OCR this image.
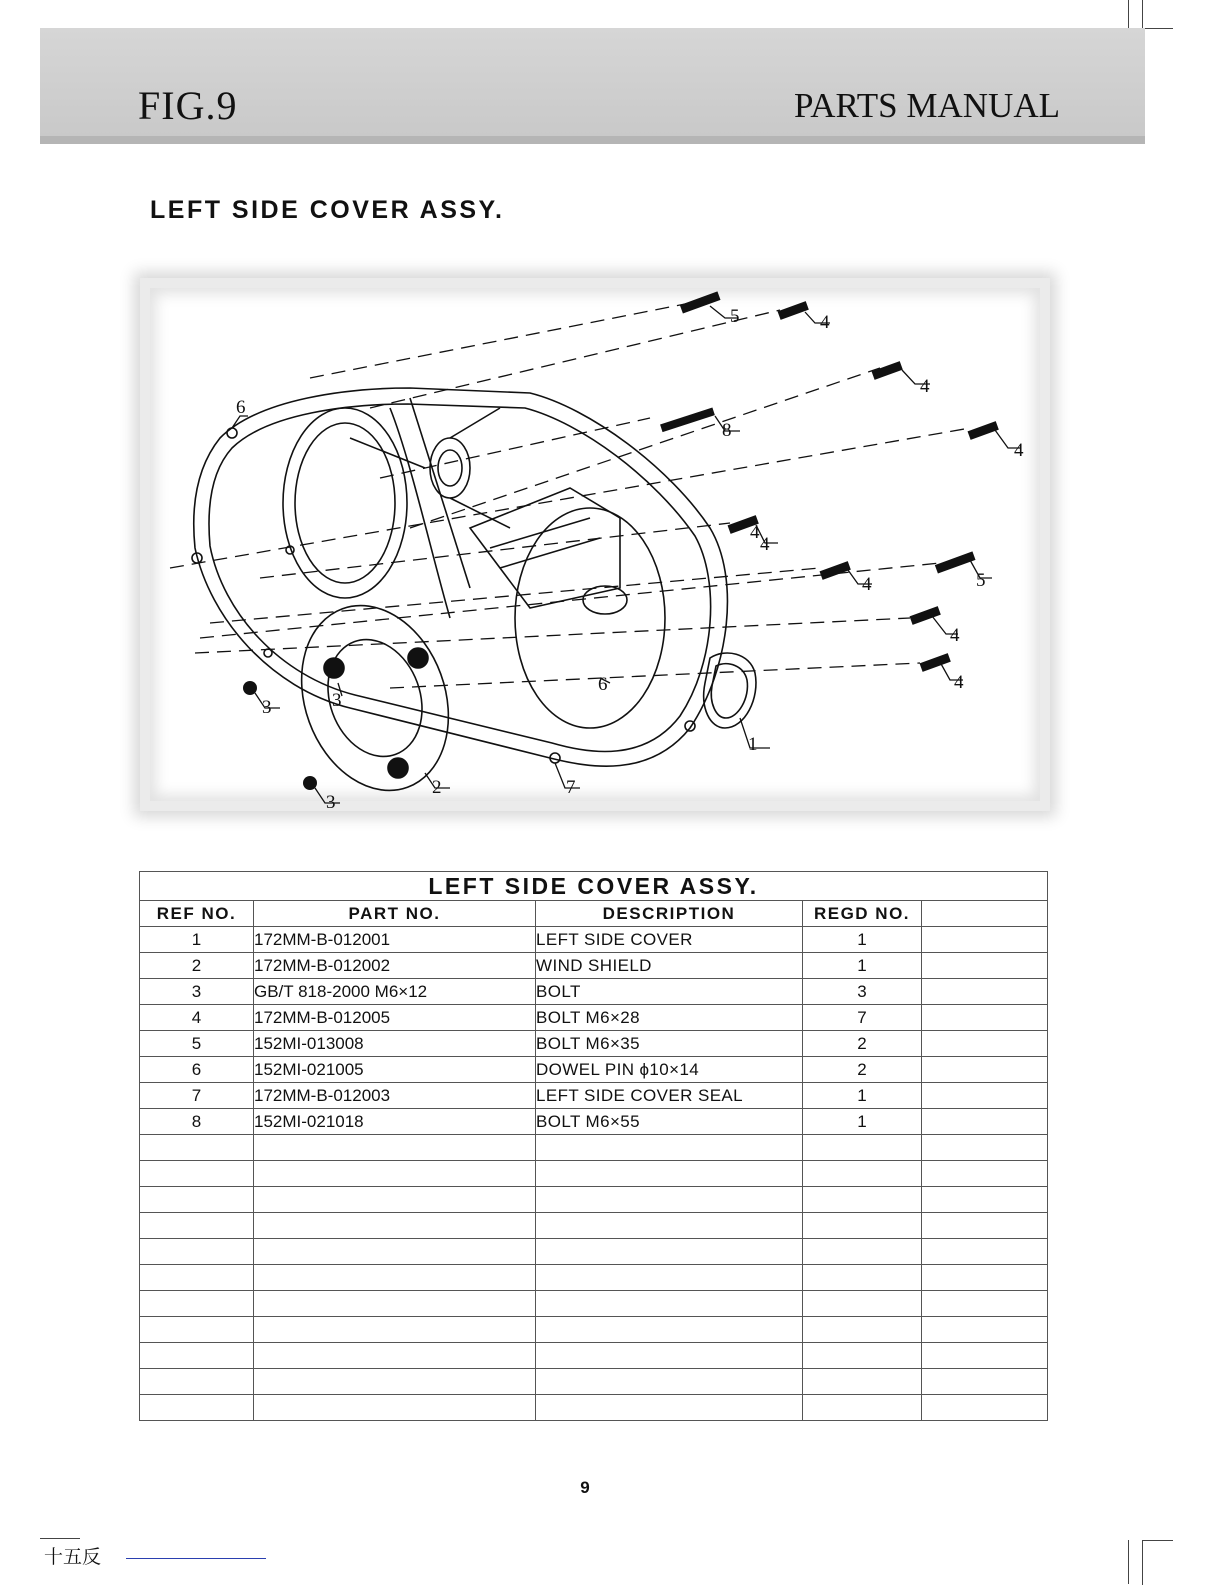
FIG.9	PARTS MANUAL
LEFT SIDE COVER ASSY.
5	4
4
8
4
4
4	5
4
4
1
2	7
3
3
3
6
6
4
LEFT SIDE COVER ASSY.				
REF NO.	PART NO.	DESCRIPTION	REGD NO.	
1	172MM-B-012001	LEFT SIDE COVER	1	
2	172MM-B-012002	WIND SHIELD	1	
3	GB/T 818-2000 M6×12	BOLT	3	
4	172MM-B-012005	BOLT M6×28	7	
5	152MI-013008	BOLT M6×35	2	
6	152MI-021005	DOWEL PIN ϕ10×14	2	
7	172MM-B-012003	LEFT SIDE COVER SEAL	1	
8	152MI-021018	BOLT M6×55	1	

9
十五反
